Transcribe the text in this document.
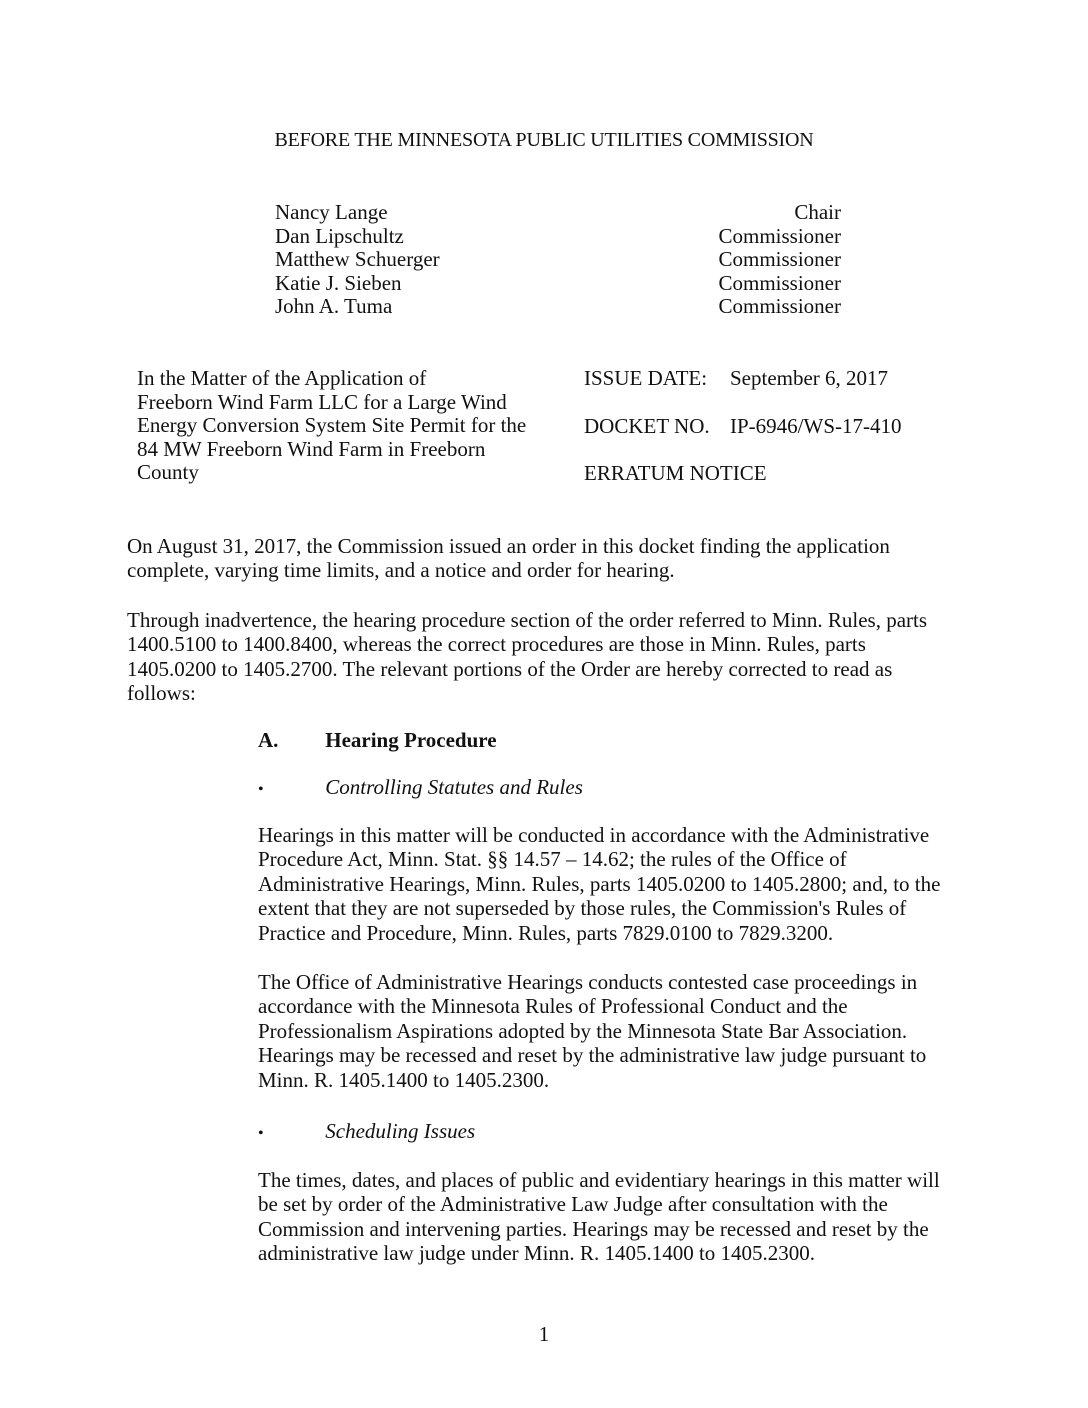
BEFORE THE MINNESOTA PUBLIC UTILITIES COMMISSION
Nancy Lange	Chair
Dan Lipschultz	Commissioner
Matthew Schuerger	Commissioner
Katie J. Sieben	Commissioner
John A. Tuma	Commissioner
In the Matter of the Application of
Freeborn Wind Farm LLC for a Large Wind
Energy Conversion System Site Permit for the
84 MW Freeborn Wind Farm in Freeborn
County
ISSUE DATE:	September 6, 2017
DOCKET NO. IP-6946/WS-17-410
ERRATUM NOTICE
On August 31, 2017, the Commission issued an order in this docket finding the application
complete, varying time limits, and a notice and order for hearing.
Through inadvertence, the hearing procedure section of the order referred to Minn. Rules, parts
1400.5100 to 1400.8400, whereas the correct procedures are those in Minn. Rules, parts
1405.0200 to 1405.2700. The relevant portions of the Order are hereby corrected to read as
follows:
A. Hearing Procedure
•	Controlling Statutes and Rules
Hearings in this matter will be conducted in accordance with the Administrative
Procedure Act, Minn. Stat. §§ 14.57 – 14.62; the rules of the Office of
Administrative Hearings, Minn. Rules, parts 1405.0200 to 1405.2800; and, to the
extent that they are not superseded by those rules, the Commission's Rules of
Practice and Procedure, Minn. Rules, parts 7829.0100 to 7829.3200.
The Office of Administrative Hearings conducts contested case proceedings in
accordance with the Minnesota Rules of Professional Conduct and the
Professionalism Aspirations adopted by the Minnesota State Bar Association.
Hearings may be recessed and reset by the administrative law judge pursuant to
Minn. R. 1405.1400 to 1405.2300.
•	Scheduling Issues
The times, dates, and places of public and evidentiary hearings in this matter will
be set by order of the Administrative Law Judge after consultation with the
Commission and intervening parties. Hearings may be recessed and reset by the
administrative law judge under Minn. R. 1405.1400 to 1405.2300.
1
